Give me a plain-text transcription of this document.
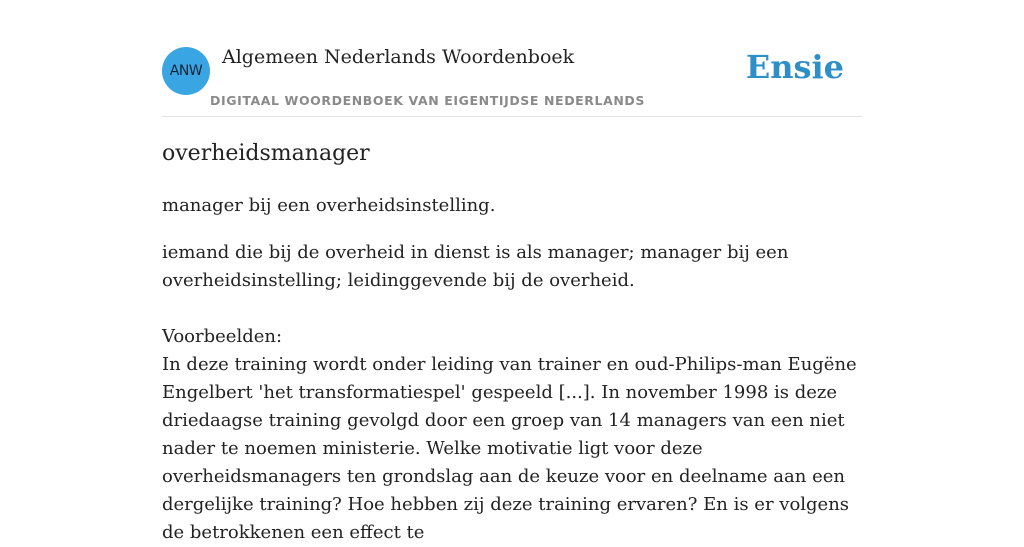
ANW
Algemeen Nederlands Woordenboek
DIGITAAL WOORDENBOEK VAN EIGENTIJDSE NEDERLANDS
Ensie
overheidsmanager

manager bij een overheidsinstelling.

iemand die bij de overheid in dienst is als manager; manager bij een overheidsinstelling; leidinggevende bij de overheid.

Voorbeelden:

In deze training wordt onder leiding van trainer en oud-Philips-man Eugëne Engelbert 'het transformatiespel' gespeeld [...]. In november 1998 is deze driedaagse training gevolgd door een groep van 14 managers van een niet nader te noemen ministerie. Welke motivatie ligt voor deze overheidsmanagers ten grondslag aan de keuze voor en deelname aan een dergelijke training? Hoe hebben zij deze training ervaren? En is er volgens de betrokkenen een effect te
